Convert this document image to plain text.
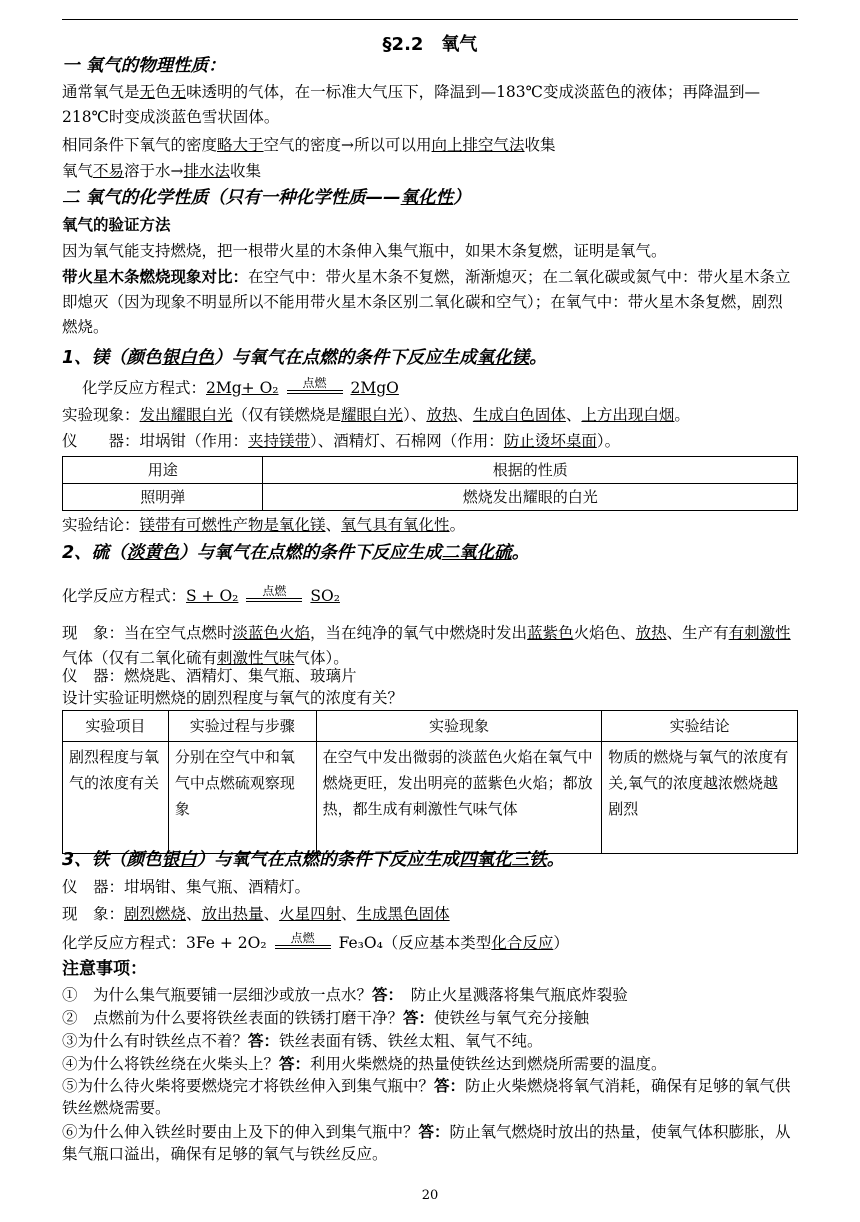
§2.2　氧气
一 氧气的物理性质：
通常氧气是无色无味透明的气体，在一标准大气压下，降温到—183℃变成淡蓝色的液体；再降温到—218℃时变成淡蓝色雪状固体。
相同条件下氧气的密度略大于空气的密度→所以可以用向上排空气法收集
氧气不易溶于水→排水法收集
二 氧气的化学性质（只有一种化学性质——氧化性）
氧气的验证方法
因为氧气能支持燃烧，把一根带火星的木条伸入集气瓶中，如果木条复燃，证明是氧气。
带火星木条燃烧现象对比：在空气中：带火星木条不复燃，渐渐熄灭；在二氧化碳或氮气中：带火星木条立即熄灭（因为现象不明显所以不能用带火星木条区别二氧化碳和空气）；在氧气中：带火星木条复燃，剧烈燃烧。
1、镁（颜色银白色）与氧气在点燃的条件下反应生成氧化镁。
化学反应方程式：2Mg+ O₂	点燃	2MgO
实验现象：发出耀眼白光（仅有镁燃烧是耀眼白光）、放热、生成白色固体、上方出现白烟。
仪　　器：坩埚钳（作用：夹持镁带）、酒精灯、石棉网（作用：防止烫坏桌面）。
用途	根据的性质
照明弹	燃烧发出耀眼的白光
实验结论：镁带有可燃性产物是氧化镁、氧气具有氧化性。
2、硫（淡黄色）与氧气在点燃的条件下反应生成二氧化硫。
化学反应方程式：S + O₂	点燃	SO₂
现　象：当在空气点燃时淡蓝色火焰，当在纯净的氧气中燃烧时发出蓝紫色火焰色、放热、生产有有刺激性气体（仅有二氧化硫有刺激性气味气体）。
仪　器：燃烧匙、酒精灯、集气瓶、玻璃片
设计实验证明燃烧的剧烈程度与氧气的浓度有关？
实验项目	实验过程与步骤	实验现象	实验结论
剧烈程度与氧气的浓度有关	分别在空气中和氧气中点燃硫观察现象	在空气中发出微弱的淡蓝色火焰在氧气中燃烧更旺，发出明亮的蓝紫色火焰；都放热，都生成有刺激性气味气体	物质的燃烧与氧气的浓度有关,氧气的浓度越浓燃烧越剧烈
3、铁（颜色银白）与氧气在点燃的条件下反应生成四氧化三铁。
仪　器：坩埚钳、集气瓶、酒精灯。
现　象：剧烈燃烧、放出热量、火星四射、生成黑色固体
化学反应方程式：3Fe + 2O₂	点燃	Fe₃O₄（反应基本类型化合反应）
注意事项：
①　为什么集气瓶要铺一层细沙或放一点水？答：　防止火星溅落将集气瓶底炸裂验
②　点燃前为什么要将铁丝表面的铁锈打磨干净？答：使铁丝与氧气充分接触
③为什么有时铁丝点不着？答：铁丝表面有锈、铁丝太粗、氧气不纯。
④为什么将铁丝绕在火柴头上？答：利用火柴燃烧的热量使铁丝达到燃烧所需要的温度。
⑤为什么待火柴将要燃烧完才将铁丝伸入到集气瓶中？答：防止火柴燃烧将氧气消耗，确保有足够的氧气供铁丝燃烧需要。
⑥为什么伸入铁丝时要由上及下的伸入到集气瓶中？答：防止氧气燃烧时放出的热量，使氧气体积膨胀，从集气瓶口溢出，确保有足够的氧气与铁丝反应。
20
